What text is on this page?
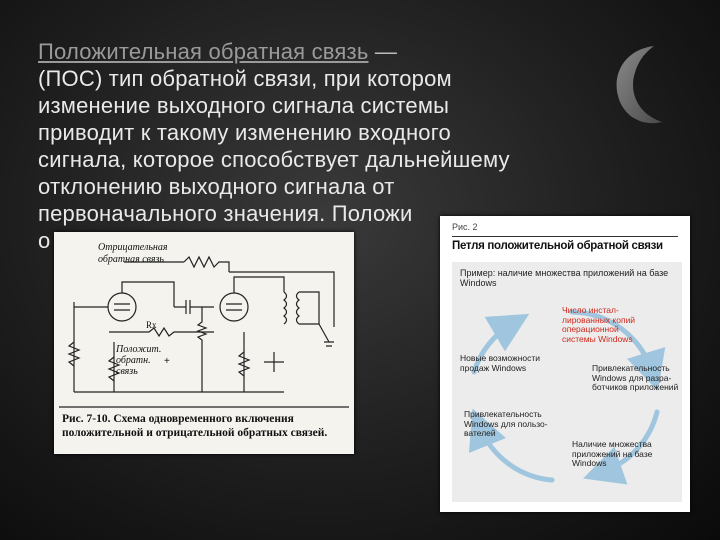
Положительная обратная связь —
(ПОС) тип обратной связи, при котором
изменение выходного сигнала системы
приводит к такому изменению входного
сигнала, которое способствует дальнейшему
отклонению выходного сигнала от
первоначального значения. Положи
о	Отрицательная
обратная связь
Rx
Положит.
обратн.
связь
+
Рис. 7-10. Схема одновременного включения положительной и отрицательной обратных связей.
Рис. 2
Петля положительной обратной связи
Пример: наличие множества приложений на базе Windows
Число инстал-
лированных копий
операционной
системы Windows
Привлекательность
Windows для разра-
ботчиков приложений
Наличие множества
приложений на базе
Windows
Привлекательность
Windows для пользо-
вателей
Новые возможности
продаж Windows
